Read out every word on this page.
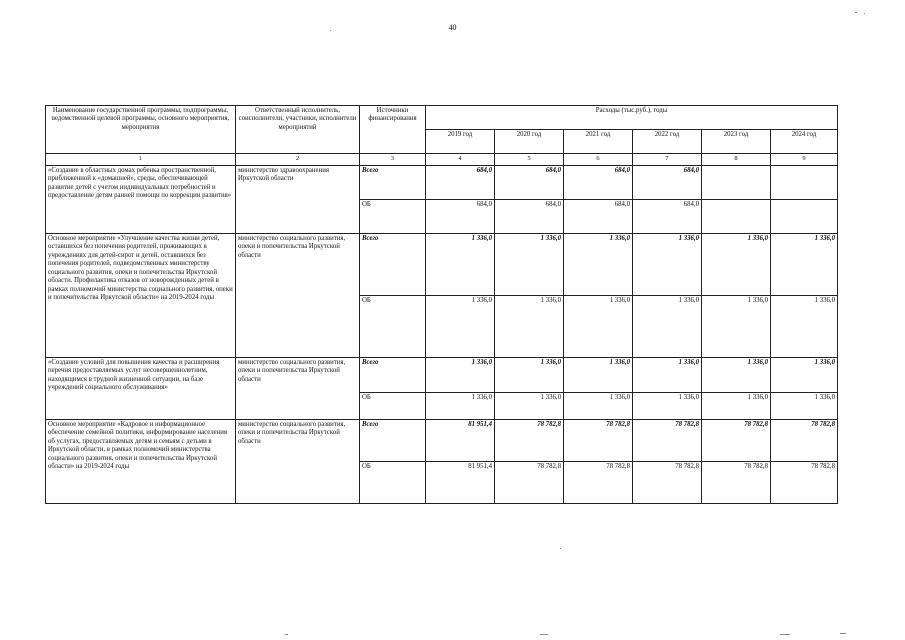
40
Наименование государственной программы, подпрограммы, ведомственной целевой программы, основного мероприятия, мероприятия	Ответственный исполнитель, соисполнители, участники, исполнители мероприятий	Источники финансирования	Расходы (тыс.руб.), годы					
			2019 год	2020 год	2021 год	2022 год	2023 год	2024 год
1	2	3	4	5	6	7	8	9
«Создание в областных домах ребенка пространственной, приближенной к «домашней», среды, обеспечивающей развитие детей с учетом индивидуальных потребностей и предоставление детям ранней помощи по коррекции развития»	министерство здравоохранения Иркутской области	Всего	684,0	684,0	684,0	684,0		
		ОБ	684,0	684,0	684,0	684,0		
Основное мероприятие «Улучшение качества жизни детей, оставшихся без попечения родителей, проживающих в учреждениях для детей-сирот и детей, оставшихся без попечения родителей, подведомственных министерству социального развития, опеки и попечительства Иркутской области. Профилактика отказов от новорожденных детей в рамках полномочий министерства социального развития, опеки и попечительства Иркутской области» на 2019-2024 годы	министерство социального развития, опеки и попечительства Иркутской области	Всего	1 336,0	1 336,0	1 336,0	1 336,0	1 336,0	1 336,0
		ОБ	1 336,0	1 336,0	1 336,0	1 336,0	1 336,0	1 336,0
«Создание условий для повышения качества и расширения перечня предоставляемых услуг несовершеннолетним, находящимся в трудной жизненной ситуации, на базе учреждений социального обслуживания»	министерство социального развития, опеки и попечительства Иркутской области	Всего	1 336,0	1 336,0	1 336,0	1 336,0	1 336,0	1 336,0
		ОБ	1 336,0	1 336,0	1 336,0	1 336,0	1 336,0	1 336,0
Основное мероприятие «Кадровое и информационное обеспечение семейной политики, информирование населения об услугах, предоставляемых детям и семьям с детьми в Иркутской области, в рамках полномочий министерства социального развития, опеки и попечительства Иркутской области» на 2019-2024 годы	министерство социального развития, опеки и попечительства Иркутской области	Всего	81 951,4	78 782,8	78 782,8	78 782,8	78 782,8	78 782,8
		ОБ	81 951,4	78 782,8	78 782,8	78 782,8	78 782,8	78 782,8
